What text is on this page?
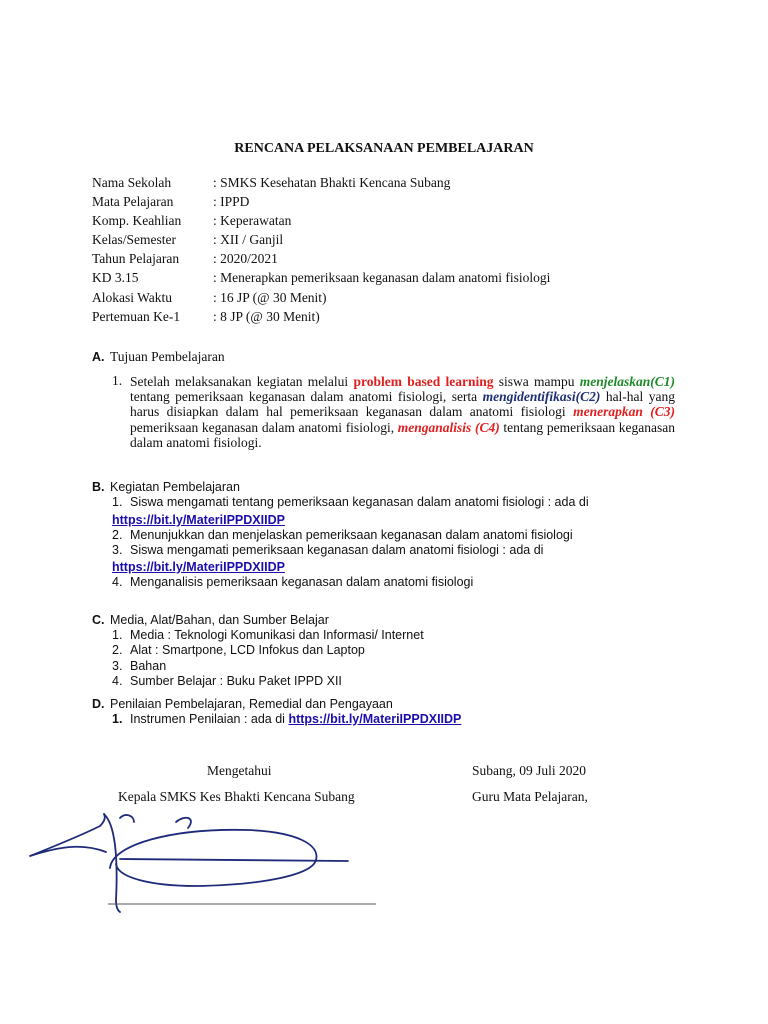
RENCANA PELAKSANAAN PEMBELAJARAN
Nama Sekolah	: SMKS Kesehatan Bhakti Kencana Subang
Mata Pelajaran	: IPPD
Komp. Keahlian : Keperawatan
Kelas/Semester	: XII / Ganjil
Tahun Pelajaran	: 2020/2021
KD 3.15	: Menerapkan pemeriksaan keganasan dalam anatomi fisiologi
Alokasi Waktu	: 16 JP (@ 30 Menit)
Pertemuan Ke-1 : 8 JP (@ 30 Menit)
A. Tujuan Pembelajaran
1. Setelah melaksanakan kegiatan melalui problem based learning siswa mampu menjelaskan(C1) tentang pemeriksaan keganasan dalam anatomi fisiologi, serta mengidentifikasi(C2) hal-hal yang harus disiapkan dalam hal pemeriksaan keganasan dalam anatomi fisiologi menerapkan (C3) pemeriksaan keganasan dalam anatomi fisiologi, menganalisis (C4) tentang pemeriksaan keganasan dalam anatomi fisiologi.
B. Kegiatan Pembelajaran
1. Siswa mengamati tentang pemeriksaan keganasan dalam anatomi fisiologi : ada di
https://bit.ly/MateriIPPDXIIDP
2. Menunjukkan dan menjelaskan pemeriksaan keganasan dalam anatomi fisiologi
3. Siswa mengamati pemeriksaan keganasan dalam anatomi fisiologi : ada di
https://bit.ly/MateriIPPDXIIDP
4. Menganalisis pemeriksaan keganasan dalam anatomi fisiologi
C. Media, Alat/Bahan, dan Sumber Belajar
1. Media : Teknologi Komunikasi dan Informasi/ Internet
2. Alat : Smartpone, LCD Infokus dan Laptop
3. Bahan
4. Sumber Belajar : Buku Paket IPPD XII
D. Penilaian Pembelajaran, Remedial dan Pengayaan
1. Instrumen Penilaian : ada di https://bit.ly/MateriIPPDXIIDP
Mengetahui	Subang, 09 Juli 2020
Kepala SMKS Kes Bhakti Kencana Subang	Guru Mata Pelajaran,
